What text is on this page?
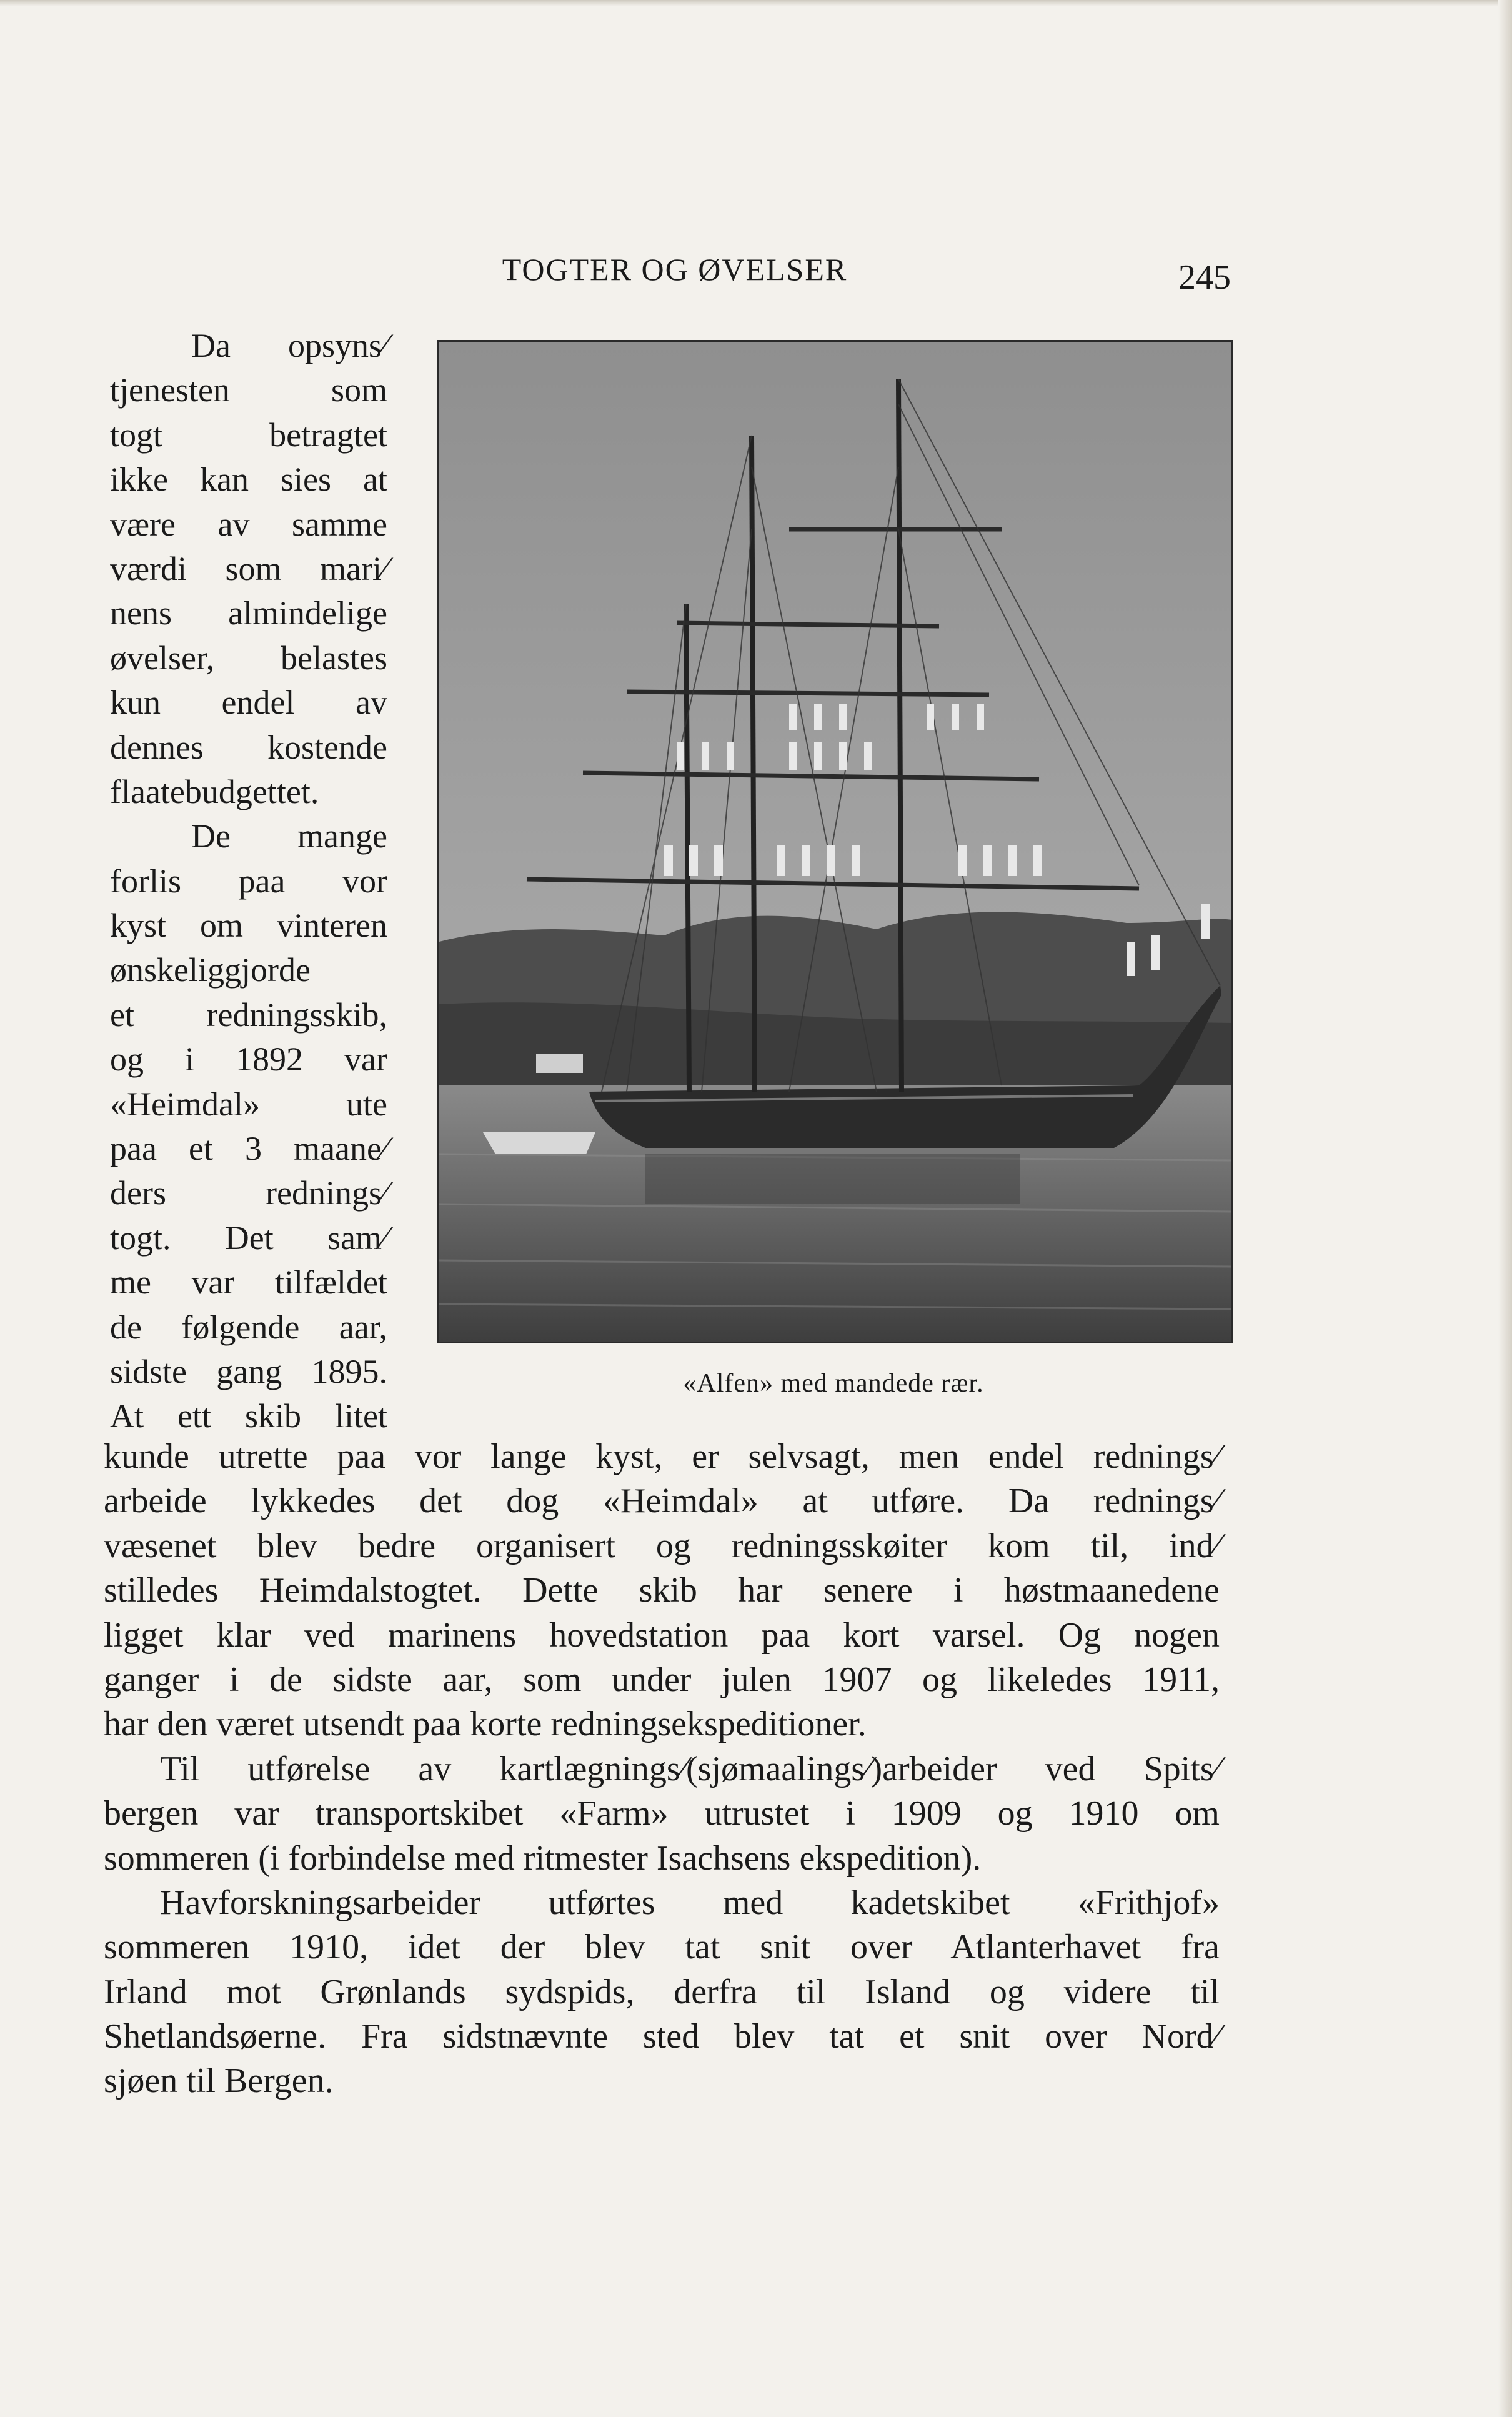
TOGTER OG ØVELSER	245
Da opsyns⁄
tjenesten som
togt betragtet
ikke kan sies at
være av samme
værdi som mari⁄
nens almindelige
øvelser, belastes
kun endel av
dennes kostende
flaatebudgettet.
De mange
forlis paa vor
kyst om vinteren
ønskeliggjorde
et redningsskib,
og i 1892 var
«Heimdal» ute
paa et 3 maane⁄
ders rednings⁄
togt. Det sam⁄
me var tilfældet
de følgende aar,
sidste gang 1895.
At ett skib litet
«Alfen» med mandede rær.
kunde utrette paa vor lange kyst, er selvsagt, men endel rednings⁄
arbeide lykkedes det dog «Heimdal» at utføre. Da rednings⁄
væsenet blev bedre organisert og redningsskøiter kom til, ind⁄
stilledes Heimdalstogtet. Dette skib har senere i høstmaanedene
ligget klar ved marinens hovedstation paa kort varsel. Og nogen
ganger i de sidste aar, som under julen 1907 og likeledes 1911,
har den været utsendt paa korte redningsekspeditioner.
Til utførelse av kartlægnings⁄(sjømaalings⁄)arbeider ved Spits⁄
bergen var transportskibet «Farm» utrustet i 1909 og 1910 om
sommeren (i forbindelse med ritmester Isachsens ekspedition).
Havforskningsarbeider utførtes med kadetskibet «Frithjof»
sommeren 1910, idet der blev tat snit over Atlanterhavet fra
Irland mot Grønlands sydspids, derfra til Island og videre til
Shetlandsøerne. Fra sidstnævnte sted blev tat et snit over Nord⁄
sjøen til Bergen.
